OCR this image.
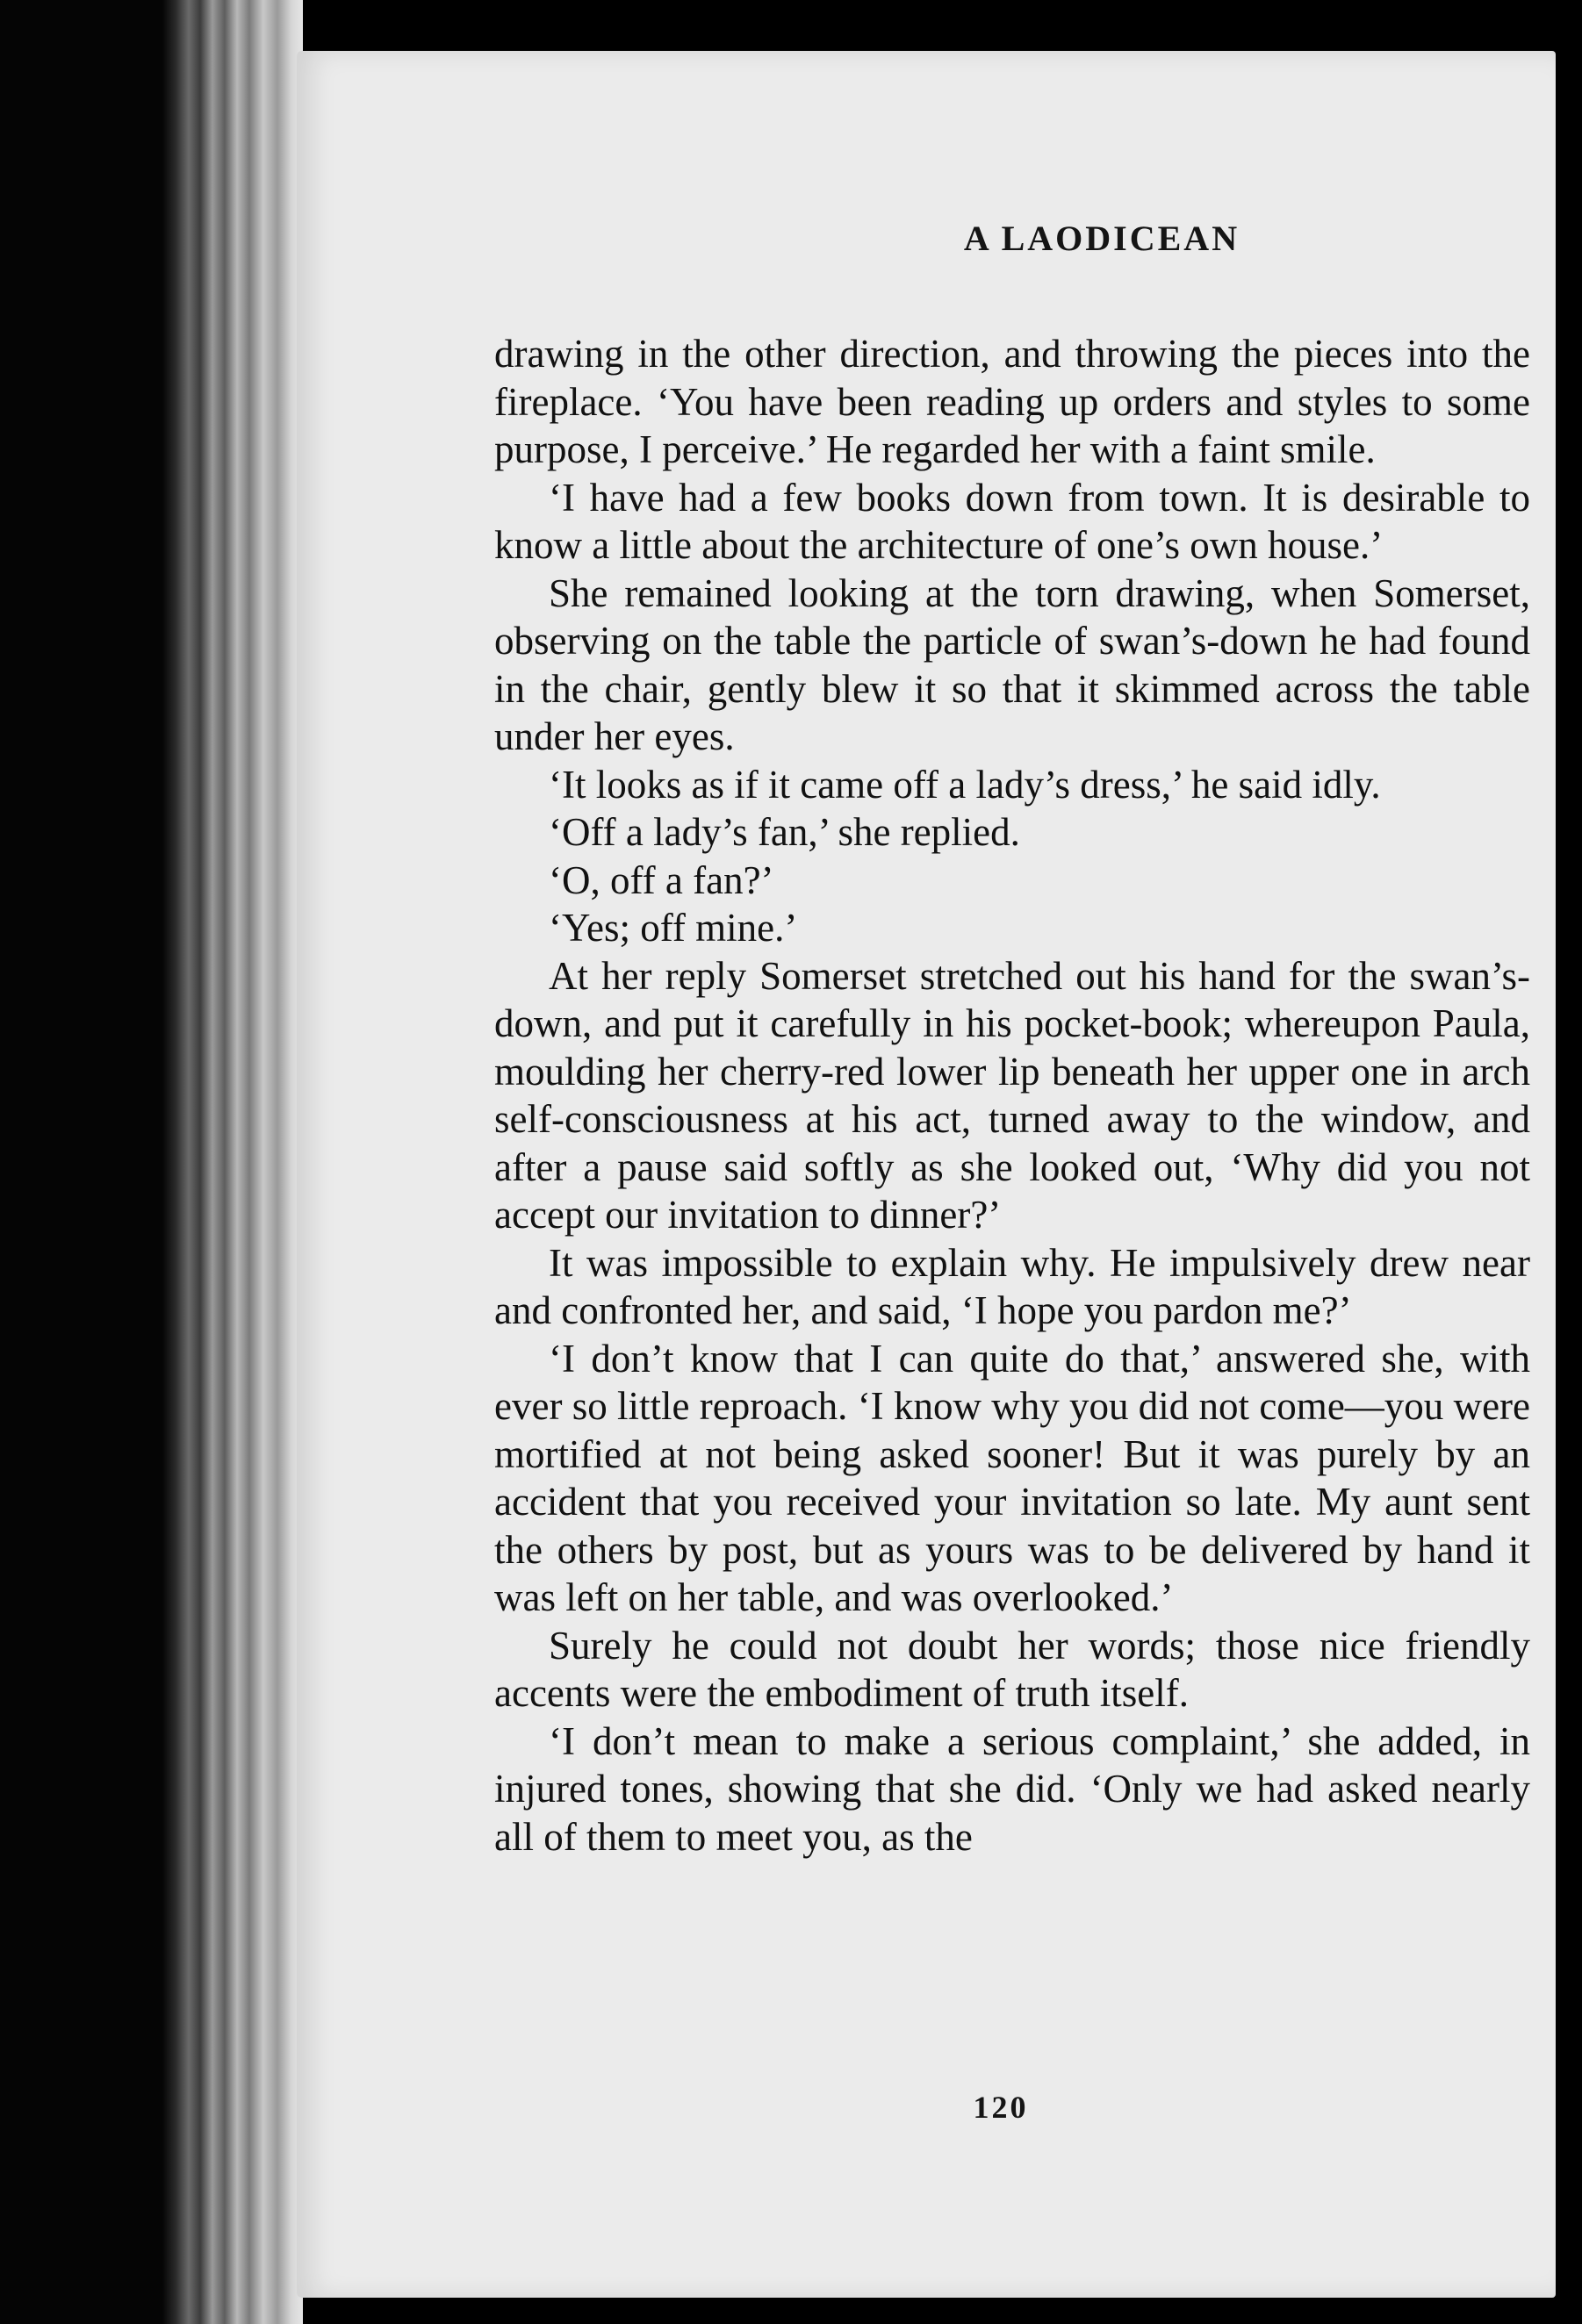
A LAODICEAN

drawing in the other direction, and throwing the pieces into the fireplace. ‘You have been reading up orders and styles to some purpose, I perceive.’ He regarded her with a faint smile.

‘I have had a few books down from town. It is desirable to know a little about the architecture of one’s own house.’

She remained looking at the torn drawing, when Somerset, observing on the table the particle of swan’s-down he had found in the chair, gently blew it so that it skimmed across the table under her eyes.

‘It looks as if it came off a lady’s dress,’ he said idly.

‘Off a lady’s fan,’ she replied.

‘O, off a fan?’

‘Yes; off mine.’

At her reply Somerset stretched out his hand for the swan’s-down, and put it carefully in his pocket-book; whereupon Paula, moulding her cherry-red lower lip beneath her upper one in arch self-consciousness at his act, turned away to the window, and after a pause said softly as she looked out, ‘Why did you not accept our invitation to dinner?’

It was impossible to explain why. He impulsively drew near and confronted her, and said, ‘I hope you pardon me?’

‘I don’t know that I can quite do that,’ answered she, with ever so little reproach. ‘I know why you did not come—you were mortified at not being asked sooner! But it was purely by an accident that you received your invitation so late. My aunt sent the others by post, but as yours was to be delivered by hand it was left on her table, and was overlooked.’

Surely he could not doubt her words; those nice friendly accents were the embodiment of truth itself.

‘I don’t mean to make a serious complaint,’ she added, in injured tones, showing that she did. ‘Only we had asked nearly all of them to meet you, as the

120
